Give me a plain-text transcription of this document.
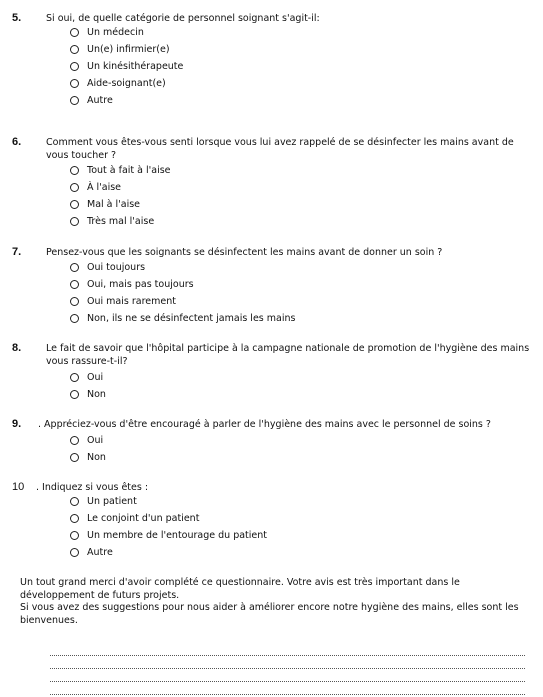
5.	Si oui, de quelle catégorie de personnel soignant s'agit-il:
Un médecin
Un(e) infirmier(e)
Un kinésithérapeute
Aide-soignant(e)
Autre
6.	Comment vous êtes-vous senti lorsque vous lui avez rappelé de se désinfecter les mains avant de vous toucher ?
Tout à fait à l'aise
À l'aise
Mal à l'aise
Très mal l'aise
7.	Pensez-vous que les soignants se désinfectent les mains avant de donner un soin ?
Oui toujours
Oui, mais pas toujours
Oui mais rarement
Non, ils ne se désinfectent jamais les mains
8.	Le fait de savoir que l'hôpital participe à la campagne nationale de promotion de l'hygiène des mains vous rassure-t-il?
Oui
Non
9. . Appréciez-vous d'être encouragé à parler de l'hygiène des mains avec le personnel de soins ?
Oui
Non
10 . Indiquez si vous êtes :
Un patient
Le conjoint d'un patient
Un membre de l'entourage du patient
Autre

Un tout grand merci d'avoir complété ce questionnaire. Votre avis est très important dans le développement de futurs projets.

Si vous avez des suggestions pour nous aider à améliorer encore notre hygiène des mains, elles sont les bienvenues.
